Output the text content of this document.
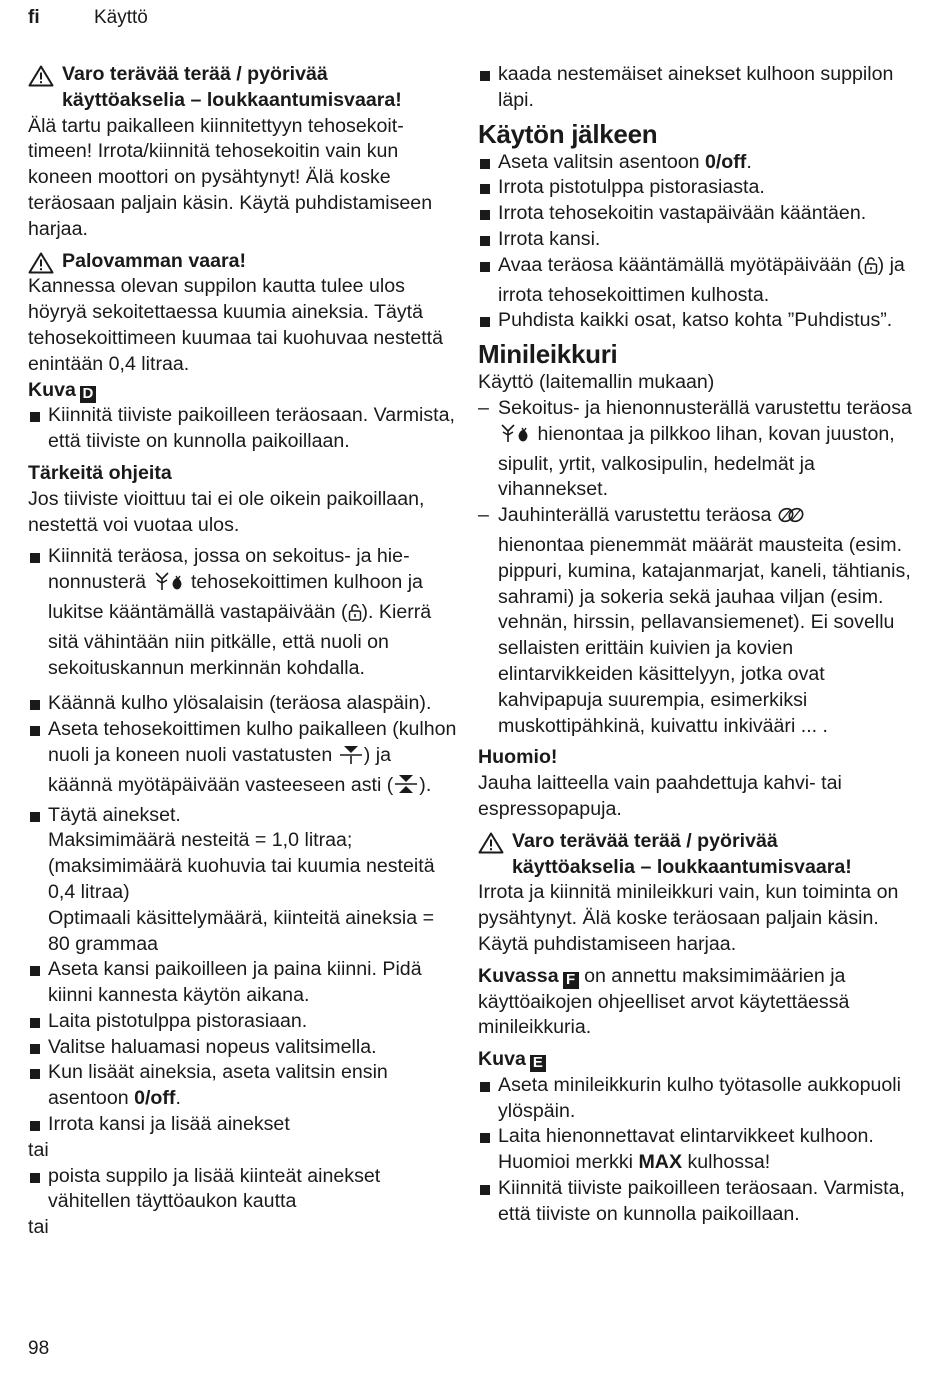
fi	Käyttö
Varo terävää terää / pyörivää
käyttöakselia – loukkaantumisvaara!
Älä tartu paikalleen kiinnitettyyn tehosekoittimeen! Irrota/kiinnitä tehosekoitin vain kun koneen moottori on pysähtynyt! Älä koske teräosaan paljain käsin. Käytä puhdistamiseen harjaa.
Palovamman vaara!
Kannessa olevan suppilon kautta tulee ulos höyryä sekoitettaessa kuumia aineksia. Täytä tehosekoittimeen kuumaa tai kuohuvaa nestettä enintään 0,4 litraa.
Kuva D
Kiinnitä tiiviste paikoilleen teräosaan. Varmista, että tiiviste on kunnolla paikoillaan.
Tärkeitä ohjeita
Jos tiiviste vioittuu tai ei ole oikein paikoillaan, nestettä voi vuotaa ulos.
Kiinnitä teräosa, jossa on sekoitus- ja hienonnusterä tehosekoittimen kulhoon ja lukitse kääntämällä vastapäivään ( ). Kierrä sitä vähintään niin pitkälle, että nuoli on sekoituskannun merkinnän kohdalla.
Käännä kulho ylösalaisin (teräosa alaspäin).
Aseta tehosekoittimen kulho paikalleen (kulhon nuoli ja koneen nuoli vastatusten ) ja käännä myötäpäivään vasteeseen asti ( ).
Täytä ainekset.
Maksimimäärä nesteitä = 1,0 litraa; (maksimimäärä kuohuvia tai kuumia nesteitä 0,4 litraa)
Optimaali käsittelymäärä, kiinteitä aineksia = 80 grammaa
Aseta kansi paikoilleen ja paina kiinni. Pidä kiinni kannesta käytön aikana.
Laita pistotulppa pistorasiaan.
Valitse haluamasi nopeus valitsimella.
Kun lisäät aineksia, aseta valitsin ensin asentoon 0/off.
Irrota kansi ja lisää ainekset
tai
poista suppilo ja lisää kiinteät ainekset vähitellen täyttöaukon kautta
tai
kaada nestemäiset ainekset kulhoon suppilon läpi.
Käytön jälkeen
Aseta valitsin asentoon 0/off.
Irrota pistotulppa pistorasiasta.
Irrota tehosekoitin vastapäivään kääntäen.
Irrota kansi.
Avaa teräosa kääntämällä myötäpäivään ( ) ja irrota tehosekoittimen kulhosta.
Puhdista kaikki osat, katso kohta ”Puhdistus”.
Minileikkuri
Käyttö (laitemallin mukaan)
– Sekoitus- ja hienonnusterällä varustettu teräosa  hienontaa ja pilkkoo lihan, kovan juuston, sipulit, yrtit, valkosipulin, hedelmät ja vihannekset.
– Jauhinterällä varustettu teräosa
hienontaa pienemmät määrät mausteita (esim. pippuri, kumina, katajanmarjat, kaneli, tähtianis, sahrami) ja sokeria sekä jauhaa viljan (esim. vehnän, hirssin, pellavansiemenet). Ei sovellu sellaisten erittäin kuivien ja kovien elintarvikkeiden käsittelyyn, jotka ovat kahvipapuja suurempia, esimerkiksi muskottipähkinä, kuivattu inkivääri ... .
Huomio!
Jauha laitteella vain paahdettuja kahvi- tai espressopapuja.
Varo terävää terää / pyörivää
käyttöakselia – loukkaantumisvaara!
Irrota ja kiinnitä minileikkuri vain, kun toiminta on pysähtynyt. Älä koske teräosaan paljain käsin. Käytä puhdistamiseen harjaa.
Kuvassa F on annettu maksimimäärien ja käyttöaikojen ohjeelliset arvot käytettäessä minileikkuria.
Kuva E
Aseta minileikkurin kulho työtasolle aukkopuoli ylöspäin.
Laita hienonnettavat elintarvikkeet kulhoon. Huomioi merkki MAX kulhossa!
Kiinnitä tiiviste paikoilleen teräosaan. Varmista, että tiiviste on kunnolla paikoillaan.
98
